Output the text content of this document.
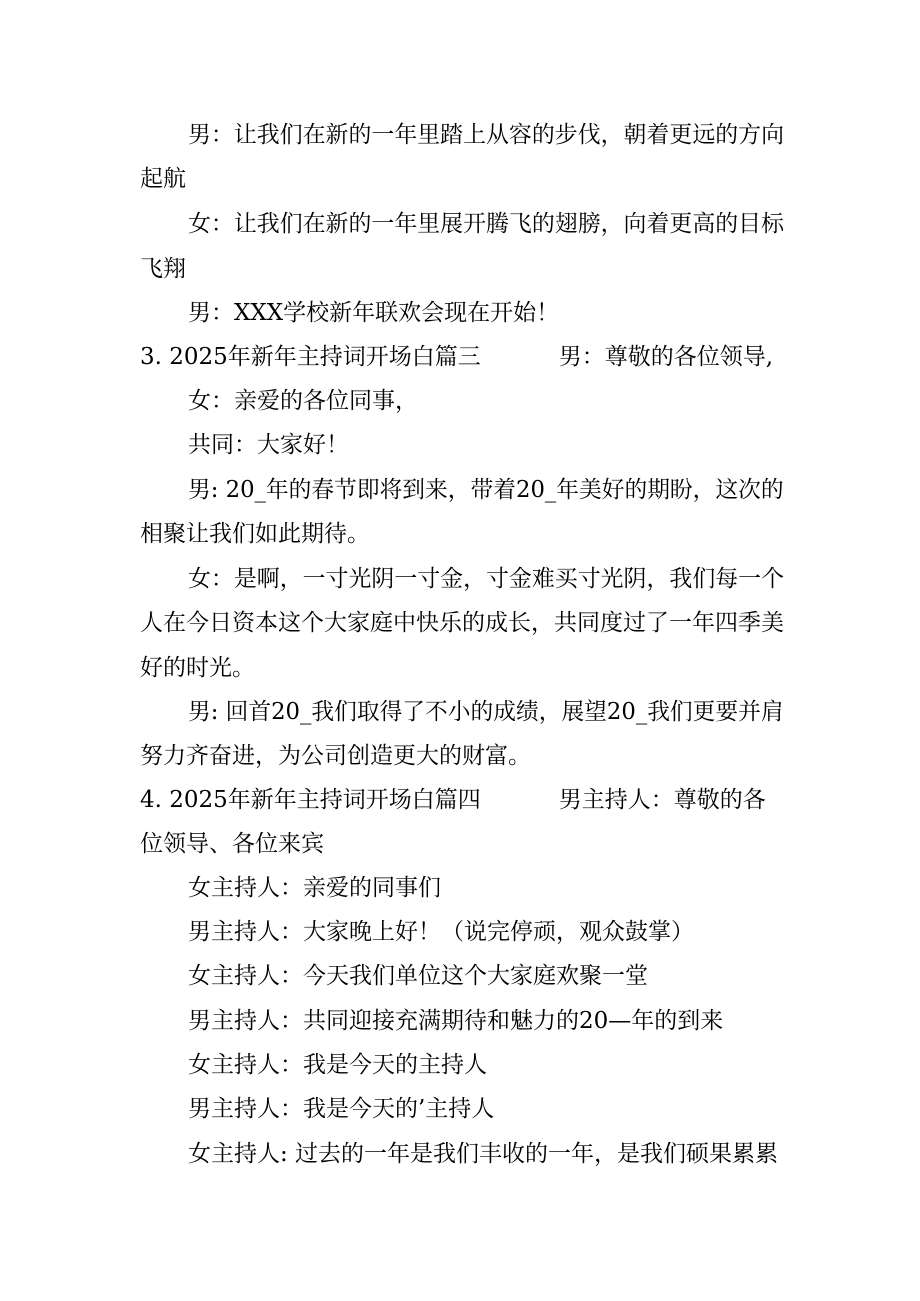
男：让我们在新的一年里踏上从容的步伐，朝着更远的方向
起航
女：让我们在新的一年里展开腾飞的翅膀，向着更高的目标
飞翔
男：XXX学校新年联欢会现在开始！
3. 2025年新年主持词开场白篇三	男：尊敬的各位领导,
女：亲爱的各位同事，
共同：大家好！
男: 20_年的春节即将到来，带着20_年美好的期盼，这次的
相聚让我们如此期待。
女：是啊，一寸光阴一寸金，寸金难买寸光阴，我们每一个
人在今日资本这个大家庭中快乐的成长，共同度过了一年四季美
好的时光。
男: 回首20_我们取得了不小的成绩，展望20_我们更要并肩
努力齐奋进，为公司创造更大的财富。
4. 2025年新年主持词开场白篇四	男主持人：尊敬的各
位领导、各位来宾
女主持人：亲爱的同事们
男主持人：大家晚上好！（说完停顽，观众鼓掌）
女主持人：今天我们单位这个大家庭欢聚一堂
男主持人：共同迎接充满期待和魅力的20—年的到来
女主持人：我是今天的主持人
男主持人：我是今天的’主持人
女主持人: 过去的一年是我们丰收的一年，是我们硕果累累
